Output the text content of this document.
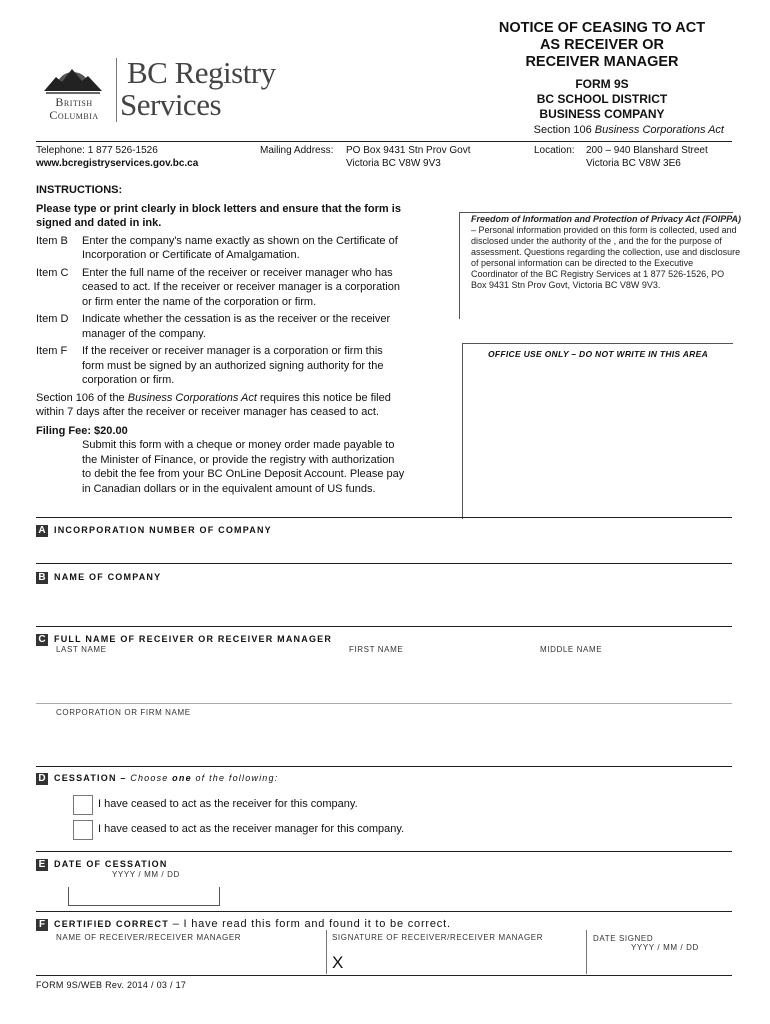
NOTICE OF CEASING TO ACT
AS RECEIVER OR
RECEIVER MANAGER
FORM 9S
BC SCHOOL DISTRICT
BUSINESS COMPANY
Section 106 Business Corporations Act
British
Columbia
BC Registry
Services
Telephone: 1 877 526-1526
www.bcregistryservices.gov.bc.ca
Mailing Address: PO Box 9431 Stn Prov Govt
Victoria BC V8W 9V3
Location: 200 – 940 Blanshard Street
Victoria BC V8W 3E6

INSTRUCTIONS:

Please type or print clearly in block letters and ensure that the form is signed and dated in ink.

Item B	Enter the company's name exactly as shown on the Certificate of Incorporation or Certificate of Amalgamation.
Item C	Enter the full name of the receiver or receiver manager who has ceased to act. If the receiver or receiver manager is a corporation or firm enter the name of the corporation or firm.
Item D	Indicate whether the cessation is as the receiver or the receiver manager of the company.
Item F	If the receiver or receiver manager is a corporation or firm this form must be signed by an authorized signing authority for the corporation or firm.

Section 106 of the Business Corporations Act requires this notice be filed within 7 days after the receiver or receiver manager has ceased to act.

Filing Fee: $20.00

Submit this form with a cheque or money order made payable to the Minister of Finance, or provide the registry with authorization to debit the fee from your BC OnLine Deposit Account. Please pay in Canadian dollars or in the equivalent amount of US funds.

Freedom of Information and Protection of Privacy Act (FOIPPA) – Personal information provided on this form is collected, used and disclosed under the authority of the , and the for the purpose of assessment. Questions regarding the collection, use and disclosure of personal information can be directed to the Executive Coordinator of the BC Registry Services at 1 877 526-1526, PO Box 9431 Stn Prov Govt, Victoria BC V8W 9V3.
OFFICE USE ONLY – DO NOT WRITE IN THIS AREA
A INCORPORATION NUMBER OF COMPANY
B NAME OF COMPANY
C FULL NAME OF RECEIVER OR RECEIVER MANAGER
LAST NAME	FIRST NAME	MIDDLE NAME
CORPORATION OR FIRM NAME
D CESSATION – Choose one of the following:
I have ceased to act as the receiver for this company.
I have ceased to act as the receiver manager for this company.
E DATE OF CESSATION
YYYY / MM / DD
F CERTIFIED CORRECT – I have read this form and found it to be correct.
NAME OF RECEIVER/RECEIVER MANAGER	SIGNATURE OF RECEIVER/RECEIVER MANAGER	DATE SIGNED
YYYY / MM / DD
X
FORM 9S/WEB Rev. 2014 / 03 / 17
